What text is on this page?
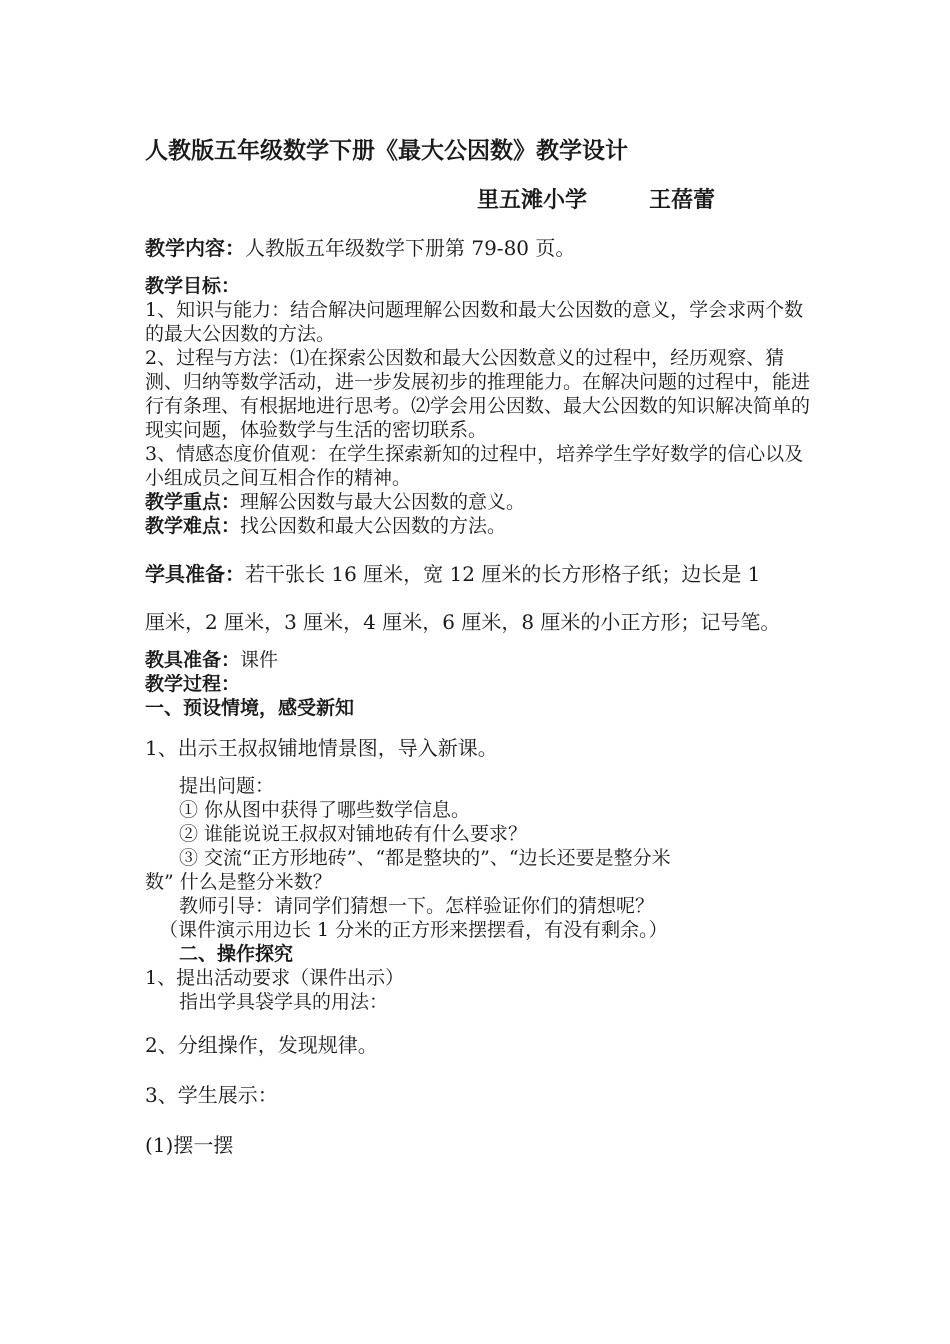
人教版五年级数学下册《最大公因数》教学设计
里五滩小学	王蓓蕾
教学内容：人教版五年级数学下册第 79-80 页。
教学目标：
1、知识与能力：结合解决问题理解公因数和最大公因数的意义，学会求两个数的最大公因数的方法。
2、过程与方法：⑴在探索公因数和最大公因数意义的过程中，经历观察、猜测、归纳等数学活动，进一步发展初步的推理能力。在解决问题的过程中，能进行有条理、有根据地进行思考。⑵学会用公因数、最大公因数的知识解决简单的现实问题，体验数学与生活的密切联系。
3、情感态度价值观：在学生探索新知的过程中，培养学生学好数学的信心以及小组成员之间互相合作的精神。
教学重点：理解公因数与最大公因数的意义。
教学难点：找公因数和最大公因数的方法。
学具准备：若干张长 16 厘米，宽 12 厘米的长方形格子纸；边长是 1
厘米，2 厘米，3 厘米，4 厘米，6 厘米，8 厘米的小正方形；记号笔。
教具准备：课件
教学过程：
一、预设情境，感受新知
1、出示王叔叔铺地情景图，导入新课。
提出问题：
① 你从图中获得了哪些数学信息。
② 谁能说说王叔叔对铺地砖有什么要求？
③ 交流“正方形地砖”、“都是整块的”、“边长还要是整分米
数” 什么是整分米数？
教师引导：请同学们猜想一下。怎样验证你们的猜想呢？
（课件演示用边长 1 分米的正方形来摆摆看，有没有剩余。）
二、操作探究
1、提出活动要求（课件出示）
指出学具袋学具的用法：
2、分组操作，发现规律。
3、学生展示：
(1)摆一摆
